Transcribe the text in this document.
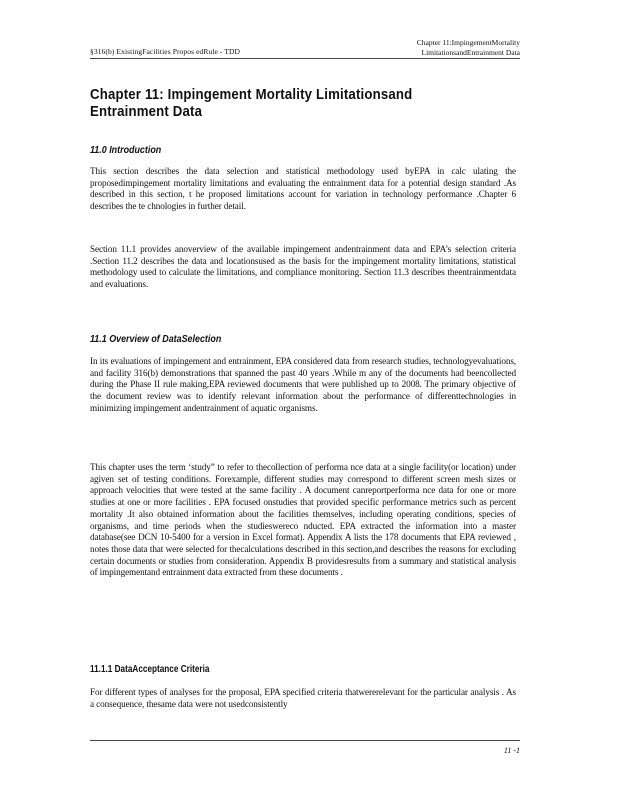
§316(b) ExistingFacilities Propos edRule - TDD
Chapter 11:ImpingementMortality
LimitationsandEntrainment Data
Chapter 11: Impingement Mortality Limitationsand Entrainment Data
11.0 Introduction
This section describes the data selection and statistical methodology used byEPA in calc ulating the proposedimpingement mortality limitations and evaluating the entrainment data for a potential design standard .As described in this section, t he proposed limitations account for variation in technology performance .Chapter 6 describes the te chnologies in further detail.
Section 11.1 provides anoverview of the available impingement andentrainment data and EPA’s selection criteria .Section 11.2 describes the data and locationsused as the basis for the impingement mortality limitations, statistical methodology used to calculate the limitations, and compliance monitoring. Section 11.3 describes theentrainmentdata and evaluations.
11.1 Overview of DataSelection
In its evaluations of impingement and entrainment, EPA considered data from research studies, technologyevaluations, and facility 316(b) demonstrations that spanned the past 40 years .While m any of the documents had beencollected during the Phase II rule making,EPA reviewed documents that were published up to 2008. The primary objective of the document review was to identify relevant information about the performance of differenttechnologies in minimizing impingement andentrainment of aquatic organisms.
This chapter uses the term ‘study” to refer to thecollection of performa nce data at a single facility(or location) under agiven set of testing conditions. Forexample, different studies may correspond to different screen mesh sizes or approach velocities that were tested at the same facility . A document canreportperforma nce data for one or more studies at one or more facilities . EPA focused onstudies that provided specific performance metrics such as percent mortality .It also obtained information about the facilities themselves, including operating conditions, species of organisms, and time periods when the studieswereco nducted. EPA extracted the information into a master database(see DCN 10-5400 for a version in Excel format). Appendix A lists the 178 documents that EPA reviewed , notes those data that were selected for thecalculations described in this section,and describes the reasons for excluding certain documents or studies from consideration. Appendix B providesresults from a summary and statistical analysis of impingementand entrainment data extracted from these documents .
11.1.1 DataAcceptance Criteria
For different types of analyses for the proposal, EPA specified criteria thatwererelevant for the particular analysis . As a consequence, thesame data were not usedconsistently
11 -1
